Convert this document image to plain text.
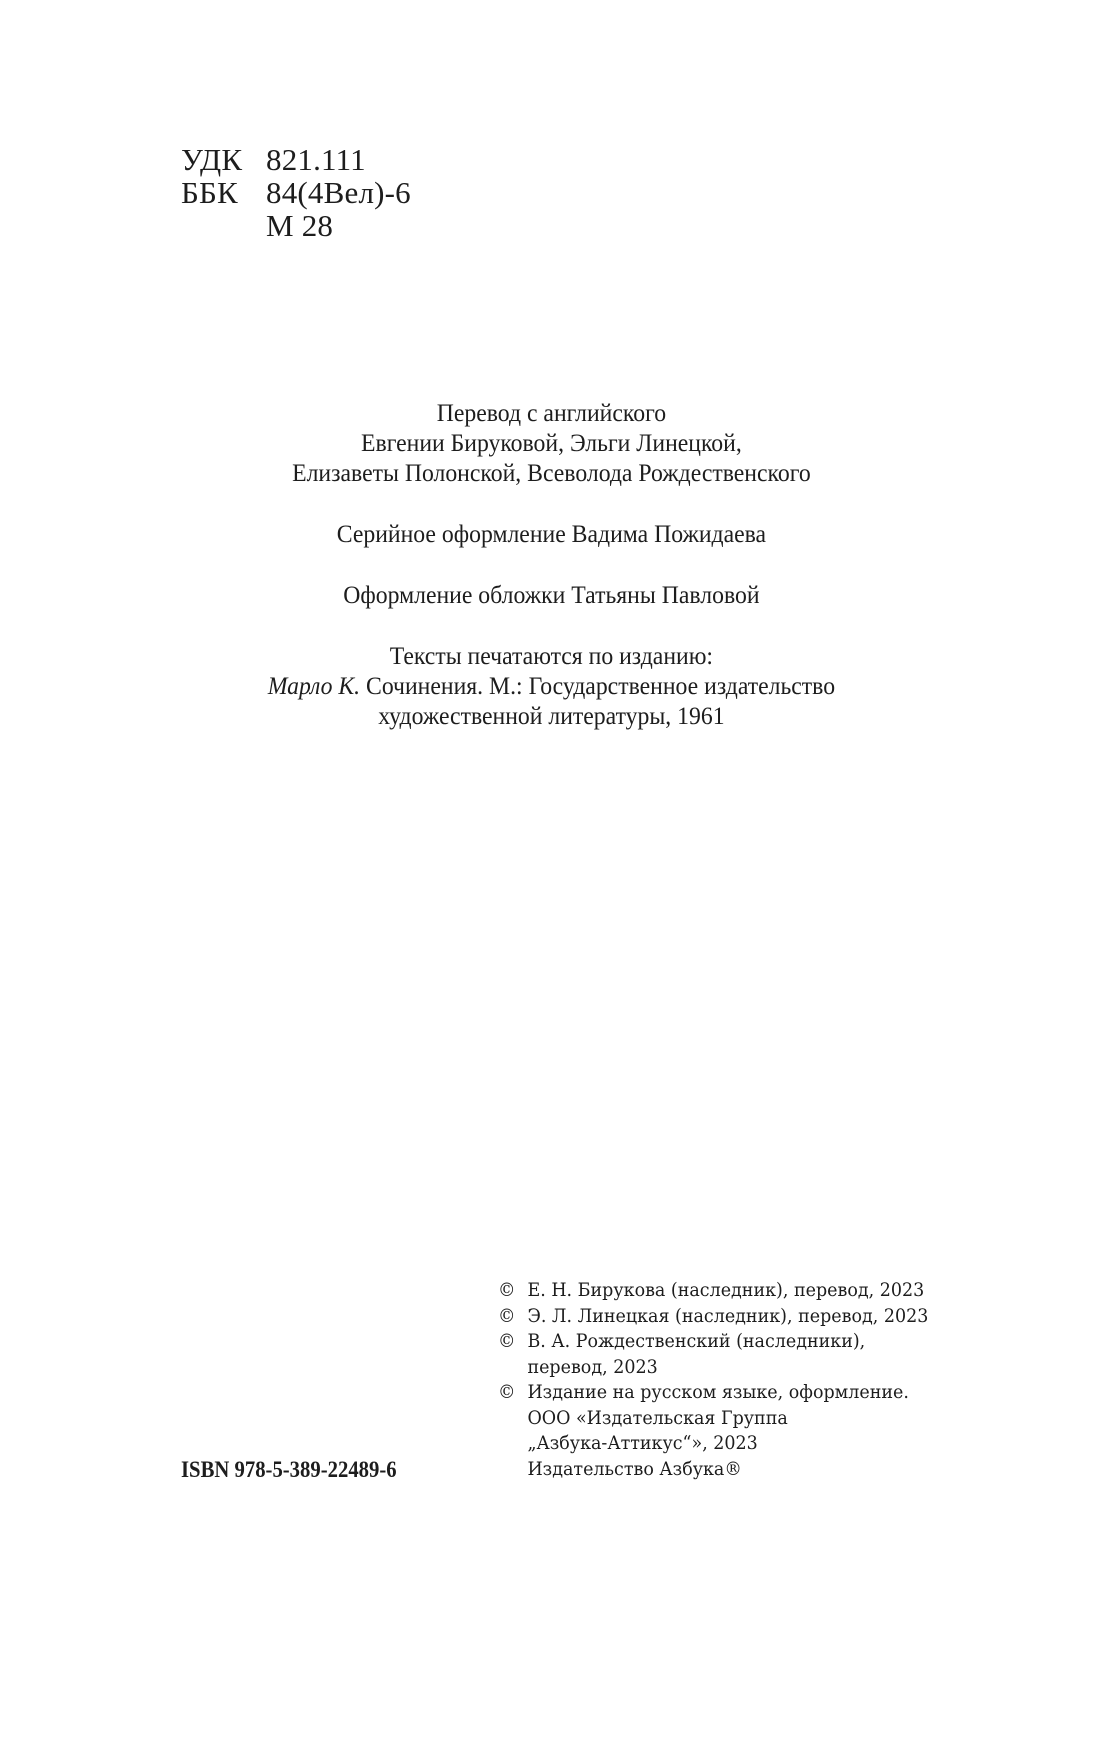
УДК 821.111
ББК 84(4Вел)-6
М 28
Перевод с английского
Евгении Бируковой, Эльги Линецкой,
Елизаветы Полонской, Всеволода Рождественского
Серийное оформление Вадима Пожидаева
Оформление обложки Татьяны Павловой
Тексты печатаются по изданию:
Марло К. Сочинения. М.: Государственное издательство
художественной литературы, 1961
© Е. Н. Бирукова (наследник), перевод, 2023
© Э. Л. Линецкая (наследник), перевод, 2023
© В. А. Рождественский (наследники),
перевод, 2023
© Издание на русском языке, оформление.
ООО «Издательская Группа
„Азбука-Аттикус“», 2023
Издательство Азбука®
ISBN 978-5-389-22489-6
